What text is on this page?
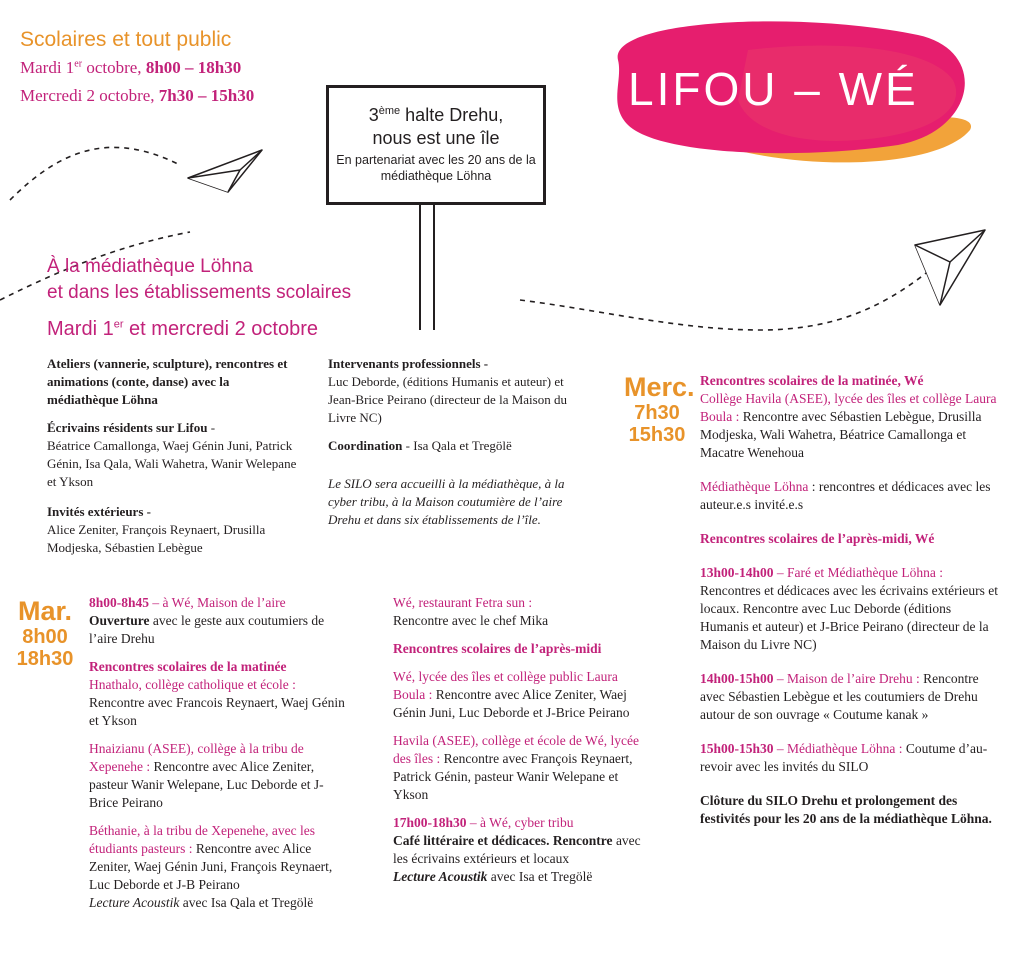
Scolaires et tout public
Mardi 1er octobre, 8h00 – 18h30
Mercredi 2 octobre, 7h30 – 15h30	LIFOU – WÉ
3ème halte Drehu,
nous est une île
En partenariat avec les 20 ans de la médiathèque Löhna
À la médiathèque Löhna
et dans les établissements scolaires
Mardi 1er et mercredi 2 octobre

Ateliers (vannerie, sculpture), rencontres et animations (conte, danse) avec la médiathèque Löhna

Écrivains résidents sur Lifou -
Béatrice Camallonga, Waej Génin Juni, Patrick Génin, Isa Qala, Wali Wahetra, Wanir Welepane et Ykson

Invités extérieurs -
Alice Zeniter, François Reynaert, Drusilla Modjeska, Sébastien Lebègue

Intervenants professionnels -
Luc Deborde, (éditions Humanis et auteur) et Jean-Brice Peirano (directeur de la Maison du Livre NC)

Coordination - Isa Qala et Tregölë

Le SILO sera accueilli à la médiathèque, à la cyber tribu, à la Maison coutumière de l’aire Drehu et dans six établissements de l’île.

Mar.
8h00
18h30
Merc.
7h30
15h30
8h00-8h45 – à Wé, Maison de l’aire
Ouverture avec le geste aux coutumiers de l’aire Drehu
Rencontres scolaires de la matinée
Hnathalo, collège catholique et école :
Rencontre avec Francois Reynaert, Waej Génin et Ykson
Hnaizianu (ASEE), collège à la tribu de Xepenehe : Rencontre avec Alice Zeniter, pasteur Wanir Welepane, Luc Deborde et J-Brice Peirano
Béthanie, à la tribu de Xepenehe, avec les étudiants pasteurs : Rencontre avec Alice Zeniter, Waej Génin Juni, François Reynaert, Luc Deborde et J-B Peirano
Lecture Acoustik avec Isa Qala et Tregölë
Wé, restaurant Fetra sun :
Rencontre avec le chef Mika
Rencontres scolaires de l’après-midi
Wé, lycée des îles et collège public Laura Boula : Rencontre avec Alice Zeniter, Waej Génin Juni, Luc Deborde et J-Brice Peirano
Havila (ASEE), collège et école de Wé, lycée des îles : Rencontre avec François Reynaert, Patrick Génin, pasteur Wanir Welepane et Ykson
17h00-18h30 – à Wé, cyber tribu
Café littéraire et dédicaces. Rencontre avec les écrivains extérieurs et locaux
Lecture Acoustik avec Isa et Tregölë
Rencontres scolaires de la matinée, Wé
Collège Havila (ASEE), lycée des îles et collège Laura Boula : Rencontre avec Sébastien Lebègue, Drusilla Modjeska, Wali Wahetra, Béatrice Camallonga et Macatre Wenehoua
Médiathèque Löhna : rencontres et dédicaces avec les auteur.e.s invité.e.s
Rencontres scolaires de l’après-midi, Wé
13h00-14h00 – Faré et Médiathèque Löhna : Rencontres et dédicaces avec les écrivains extérieurs et locaux. Rencontre avec Luc Deborde (éditions Humanis et auteur) et J-Brice Peirano (directeur de la Maison du Livre NC)
14h00-15h00 – Maison de l’aire Drehu : Rencontre avec Sébastien Lebègue et les coutumiers de Drehu autour de son ouvrage « Coutume kanak »
15h00-15h30 – Médiathèque Löhna : Coutume d’au-revoir avec les invités du SILO
Clôture du SILO Drehu et prolongement des festivités pour les 20 ans de la médiathèque Löhna.
